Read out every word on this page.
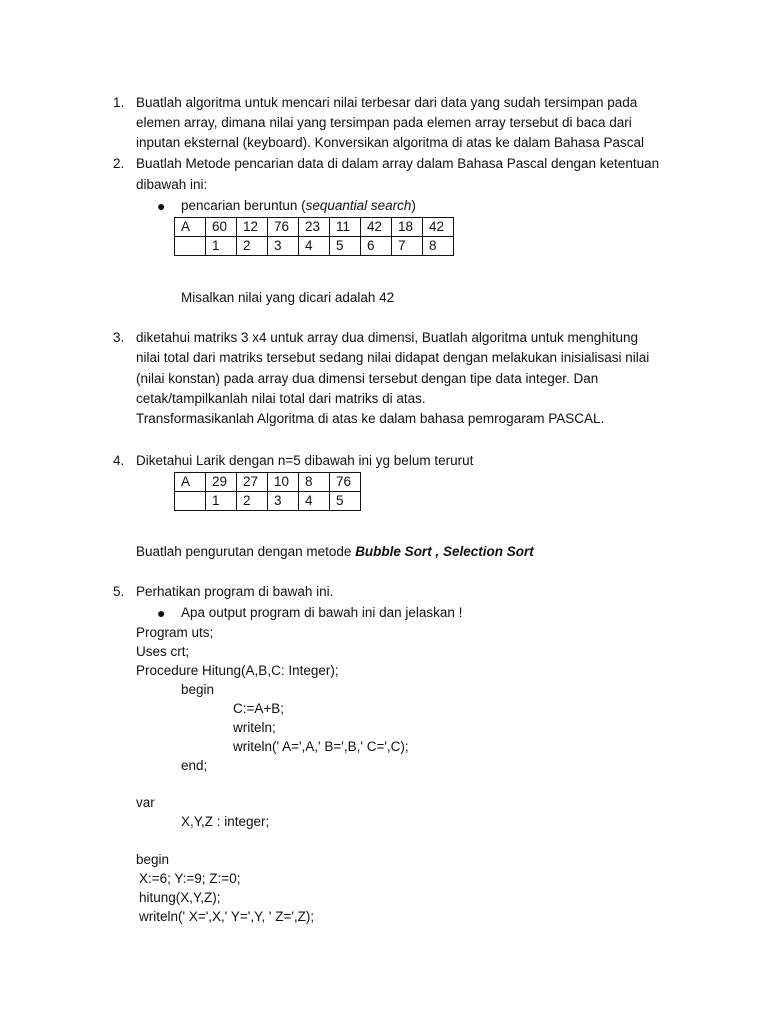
1. Buatlah algoritma untuk mencari nilai terbesar dari data yang sudah tersimpan pada
elemen array, dimana nilai yang tersimpan pada elemen array tersebut di baca dari
inputan eksternal (keyboard). Konversikan algoritma di atas ke dalam Bahasa Pascal
2. Buatlah Metode pencarian data di dalam array dalam Bahasa Pascal dengan ketentuan
dibawah ini:
● pencarian beruntun (sequantial search)
A	60	12	76	23	11	42	18	42
	1	2	3	4	5	6	7	8
Misalkan nilai yang dicari adalah 42
3. diketahui matriks 3 x4 untuk array dua dimensi, Buatlah algoritma untuk menghitung
nilai total dari matriks tersebut sedang nilai didapat dengan melakukan inisialisasi nilai
(nilai konstan) pada array dua dimensi tersebut dengan tipe data integer. Dan
cetak/tampilkanlah nilai total dari matriks di atas.
Transformasikanlah Algoritma di atas ke dalam bahasa pemrogaram PASCAL.
4. Diketahui Larik dengan n=5 dibawah ini yg belum terurut
A	29	27	10	8	76
	1	2	3	4	5
Buatlah pengurutan dengan metode Bubble Sort , Selection Sort
5. Perhatikan program di bawah ini.
● Apa output program di bawah ini dan jelaskan !
Program uts;
Uses crt;
Procedure Hitung(A,B,C: Integer);
begin
C:=A+B;
writeln;
writeln(' A=',A,' B=',B,' C=',C);
end;
var
X,Y,Z : integer;
begin
X:=6; Y:=9; Z:=0;
hitung(X,Y,Z);
writeln(' X=',X,' Y=',Y, ' Z=',Z);
